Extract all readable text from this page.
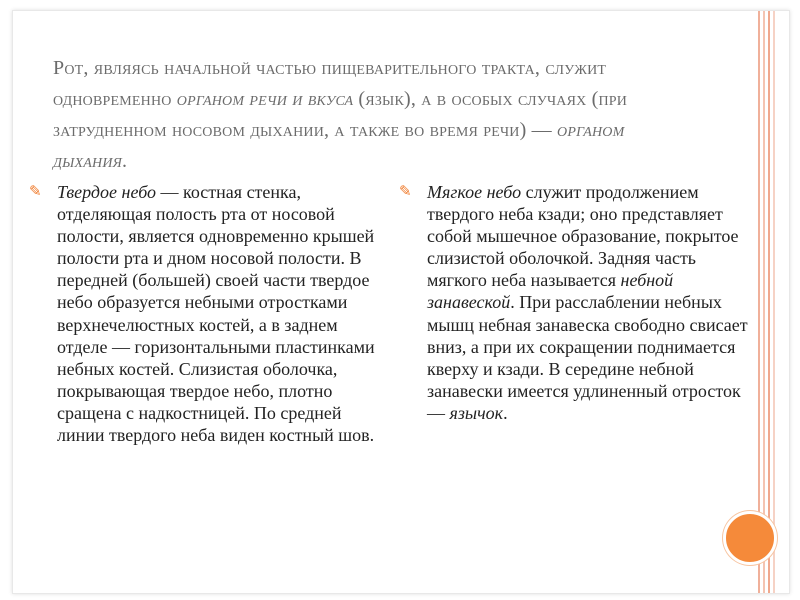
Рот, являясь начальной частью пищеварительного тракта, служит одновременно органом речи и вкуса (язык), а в особых случаях (при затрудненном носовом дыхании, а также во время речи) — органом дыхания.

✎ Твердое небо — костная стенка, отделяющая полость рта от носовой полости, является одновременно крышей полости рта и дном носовой полости. В передней (большей) своей части твердое небо образуется небными отростками верхнечелюстных костей, а в заднем отделе — горизонтальными пластинками небных костей. Слизистая оболочка, покрывающая твердое небо, плотно сращена с надкостницей. По средней линии твердого неба виден костный шов.

✎ Мягкое небо служит продолжением твердого неба кзади; оно представляет собой мышечное образование, покрытое слизистой оболочкой. Задняя часть мягкого неба называется небной занавеской. При расслаблении небных мышц небная занавеска свободно свисает вниз, а при их сокращении поднимается кверху и кзади. В середине небной занавески имеется удлиненный отросток — язычок.
